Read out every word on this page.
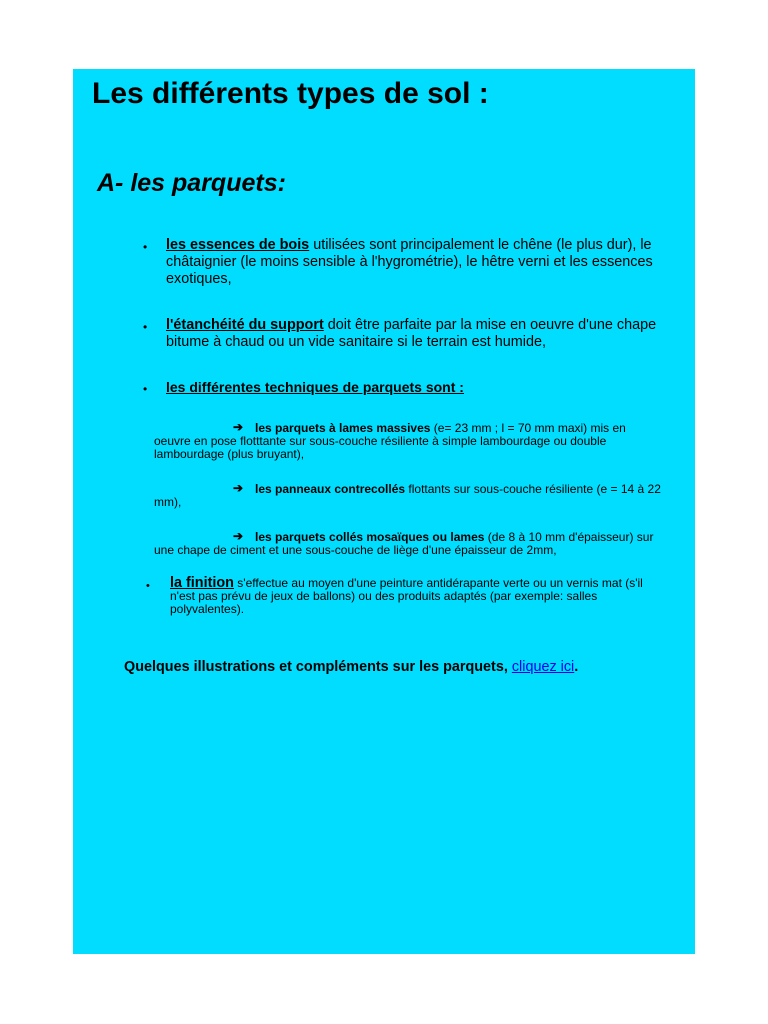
Les différents types de sol :
A- les parquets:
• les essences de bois utilisées sont principalement le chêne (le plus dur), le
châtaignier (le moins sensible à l'hygrométrie), le hêtre verni et les essences
exotiques,
• l'étanchéité du support doit être parfaite par la mise en oeuvre d'une chape
bitume à chaud ou un vide sanitaire si le terrain est humide,
• les différentes techniques de parquets sont :
➔ les parquets à lames massives (e= 23 mm ; l = 70 mm maxi) mis en
oeuvre en pose flotttante sur sous-couche résiliente à simple lambourdage ou double
lambourdage (plus bruyant),
➔ les panneaux contrecollés flottants sur sous-couche résiliente (e = 14 à 22
mm),
➔ les parquets collés mosaïques ou lames (de 8 à 10 mm d'épaisseur) sur
une chape de ciment et une sous-couche de liège d'une épaisseur de 2mm,
•	la finition s'effectue au moyen d'une peinture antidérapante verte ou un vernis mat (s'il
n'est pas prévu de jeux de ballons) ou des produits adaptés (par exemple: salles
polyvalentes).
Quelques illustrations et compléments sur les parquets, cliquez ici.
